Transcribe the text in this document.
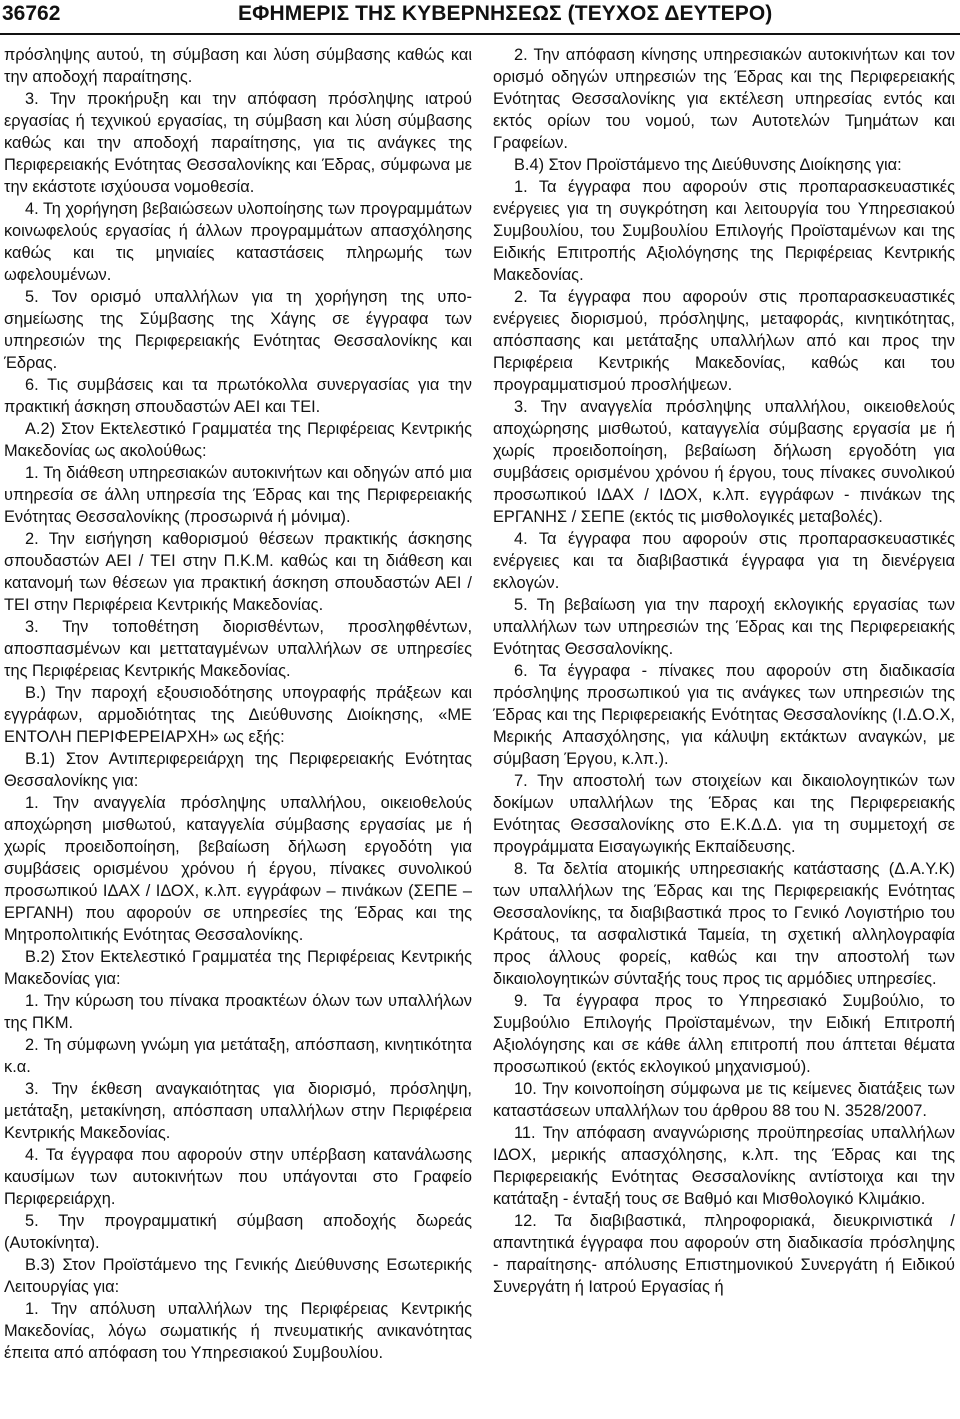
36762	ΕΦΗΜΕΡΙΣ ΤΗΣ ΚΥΒΕΡΝΗΣΕΩΣ (ΤΕΥΧΟΣ ΔΕΥΤΕΡΟ)

πρόσληψης αυτού, τη σύμβαση και λύση σύμβασης καθώς και την αποδοχή παραίτησης.

3. Την προκήρυξη και την απόφαση πρόσληψης ιατρού εργασίας ή τεχνικού εργασίας, τη σύμβαση και λύση σύμβασης καθώς και την αποδοχή παραίτησης, για τις ανάγκες της Περιφερειακής Ενότητας Θεσσαλονίκης και Έδρας, σύμφωνα με την εκάστοτε ισχύουσα νομοθεσία.

4. Τη χορήγηση βεβαιώσεων υλοποίησης των προγραμμάτων κοινωφελούς εργασίας ή άλλων προγραμμάτων απασχόλησης καθώς και τις μηνιαίες καταστάσεις πληρωμής των ωφελουμένων.

5. Τον ορισμό υπαλλήλων για τη χορήγηση της υποσημείωσης της Σύμβασης της Χάγης σε έγγραφα των υπηρεσιών της Περιφερειακής Ενότητας Θεσσαλονίκης και Έδρας.

6. Τις συμβάσεις και τα πρωτόκολλα συνεργασίας για την πρακτική άσκηση σπουδαστών ΑΕΙ και ΤΕΙ.

Α.2) Στον Εκτελεστικό Γραμματέα της Περιφέρειας Κεντρικής Μακεδονίας ως ακολούθως:

1. Τη διάθεση υπηρεσιακών αυτοκινήτων και οδηγών από μια υπηρεσία σε άλλη υπηρεσία της Έδρας και της Περιφερειακής Ενότητας Θεσσαλονίκης (προσωρινά ή μόνιμα).

2. Την εισήγηση καθορισμού θέσεων πρακτικής άσκησης σπουδαστών ΑΕΙ / ΤΕΙ στην Π.Κ.Μ. καθώς και τη διάθεση και κατανομή των θέσεων για πρακτική άσκηση σπουδαστών ΑΕΙ / ΤΕΙ στην Περιφέρεια Κεντρικής Μακεδονίας.

3. Την τοποθέτηση διορισθέντων, προσληφθέντων, αποσπασμένων και μετταταγμένων υπαλλήλων σε υπηρεσίες της Περιφέρειας Κεντρικής Μακεδονίας.

Β.) Την παροχή εξουσιοδότησης υπογραφής πράξεων και εγγράφων, αρμοδιότητας της Διεύθυνσης Διοίκησης, «ΜΕ ΕΝΤΟΛΗ ΠΕΡΙΦΕΡΕΙΑΡΧΗ» ως εξής:

Β.1) Στον Αντιπεριφερειάρχη της Περιφερειακής Ενότητας Θεσσαλονίκης για:

1. Την αναγγελία πρόσληψης υπαλλήλου, οικειοθελούς αποχώρηση μισθωτού, καταγγελία σύμβασης εργασίας με ή χωρίς προειδοποίηση, βεβαίωση δήλωση εργοδότη για συμβάσεις ορισμένου χρόνου ή έργου, πίνακες συνολικού προσωπικού ΙΔΑΧ / ΙΔΟΧ, κ.λπ. εγγράφων – πινάκων (ΣΕΠΕ – ΕΡΓΑΝΗ) που αφορούν σε υπηρεσίες της Έδρας και της Μητροπολιτικής Ενότητας Θεσσαλονίκης.

Β.2) Στον Εκτελεστικό Γραμματέα της Περιφέρειας Κεντρικής Μακεδονίας για:

1. Την κύρωση του πίνακα προακτέων όλων των υπαλλήλων της ΠΚΜ.

2. Τη σύμφωνη γνώμη για μετάταξη, απόσπαση, κινητικότητα κ.α.

3. Την έκθεση αναγκαιότητας για διορισμό, πρόσληψη, μετάταξη, μετακίνηση, απόσπαση υπαλλήλων στην Περιφέρεια Κεντρικής Μακεδονίας.

4. Τα έγγραφα που αφορούν στην υπέρβαση κατανάλωσης καυσίμων των αυτοκινήτων που υπάγονται στο Γραφείο Περιφερειάρχη.

5. Την προγραμματική σύμβαση αποδοχής δωρεάς (Αυτοκίνητα).

Β.3) Στον Προϊστάμενο της Γενικής Διεύθυνσης Εσωτερικής Λειτουργίας για:

1. Την απόλυση υπαλλήλων της Περιφέρειας Κεντρικής Μακεδονίας, λόγω σωματικής ή πνευματικής ανικανότητας έπειτα από απόφαση του Υπηρεσιακού Συμβουλίου.

2. Την απόφαση κίνησης υπηρεσιακών αυτοκινήτων και τον ορισμό οδηγών υπηρεσιών της Έδρας και της Περιφερειακής Ενότητας Θεσσαλονίκης για εκτέλεση υπηρεσίας εντός και εκτός ορίων του νομού, των Αυτοτελών Τμημάτων και Γραφείων.

Β.4) Στον Προϊστάμενο της Διεύθυνσης Διοίκησης για:

1. Τα έγγραφα που αφορούν στις προπαρασκευαστικές ενέργειες για τη συγκρότηση και λειτουργία του Υπηρεσιακού Συμβουλίου, του Συμβουλίου Επιλογής Προϊσταμένων και της Ειδικής Επιτροπής Αξιολόγησης της Περιφέρειας Κεντρικής Μακεδονίας.

2. Τα έγγραφα που αφορούν στις προπαρασκευαστικές ενέργειες διορισμού, πρόσληψης, μεταφοράς, κινητικότητας, απόσπασης και μετάταξης υπαλλήλων από και προς την Περιφέρεια Κεντρικής Μακεδονίας, καθώς και του προγραμματισμού προσλήψεων.

3. Την αναγγελία πρόσληψης υπαλλήλου, οικειοθελούς αποχώρησης μισθωτού, καταγγελία σύμβασης εργασία με ή χωρίς προειδοποίηση, βεβαίωση δήλωση εργοδότη για συμβάσεις ορισμένου χρόνου ή έργου, τους πίνακες συνολικού προσωπικού ΙΔΑΧ / ΙΔΟΧ, κ.λπ. εγγράφων - πινάκων της ΕΡΓΑΝΗΣ / ΣΕΠΕ (εκτός τις μισθολογικές μεταβολές).

4. Τα έγγραφα που αφορούν στις προπαρασκευαστικές ενέργειες και τα διαβιβαστικά έγγραφα για τη διενέργεια εκλογών.

5. Τη βεβαίωση για την παροχή εκλογικής εργασίας των υπαλλήλων των υπηρεσιών της Έδρας και της Περιφερειακής Ενότητας Θεσσαλονίκης.

6. Τα έγγραφα - πίνακες που αφορούν στη διαδικασία πρόσληψης προσωπικού για τις ανάγκες των υπηρεσιών της Έδρας και της Περιφερειακής Ενότητας Θεσσαλονίκης (Ι.Δ.Ο.Χ, Μερικής Απασχόλησης, για κάλυψη εκτάκτων αναγκών, με σύμβαση Έργου, κ.λπ.).

7. Την αποστολή των στοιχείων και δικαιολογητικών των δοκίμων υπαλλήλων της Έδρας και της Περιφερειακής Ενότητας Θεσσαλονίκης στο Ε.Κ.Δ.Δ. για τη συμμετοχή σε προγράμματα Εισαγωγικής Εκπαίδευσης.

8. Τα δελτία ατομικής υπηρεσιακής κατάστασης (Δ.Α.Υ.Κ) των υπαλλήλων της Έδρας και της Περιφερειακής Ενότητας Θεσσαλονίκης, τα διαβιβαστικά προς το Γενικό Λογιστήριο του Κράτους, τα ασφαλιστικά Ταμεία, τη σχετική αλληλογραφία προς άλλους φορείς, καθώς και την αποστολή των δικαιολογητικών σύνταξής τους προς τις αρμόδιες υπηρεσίες.

9. Τα έγγραφα προς το Υπηρεσιακό Συμβούλιο, το Συμβούλιο Επιλογής Προϊσταμένων, την Ειδική Επιτροπή Αξιολόγησης και σε κάθε άλλη επιτροπή που άπτεται θέματα προσωπικού (εκτός εκλογικού μηχανισμού).

10. Την κοινοποίηση σύμφωνα με τις κείμενες διατάξεις των καταστάσεων υπαλλήλων του άρθρου 88 του Ν. 3528/2007.

11. Την απόφαση αναγνώρισης προϋπηρεσίας υπαλλήλων ΙΔΟΧ, μερικής απασχόλησης, κ.λπ. της Έδρας και της Περιφερειακής Ενότητας Θεσσαλονίκης αντίστοιχα και την κατάταξη - ένταξή τους σε Βαθμό και Μισθολογικό Κλιμάκιο.

12. Τα διαβιβαστικά, πληροφοριακά, διευκρινιστικά / απαντητικά έγγραφα που αφορούν στη διαδικασία πρόσληψης - παραίτησης- απόλυσης Επιστημονικού Συνεργάτη ή Ειδικού Συνεργάτη ή Ιατρού Εργασίας ή
